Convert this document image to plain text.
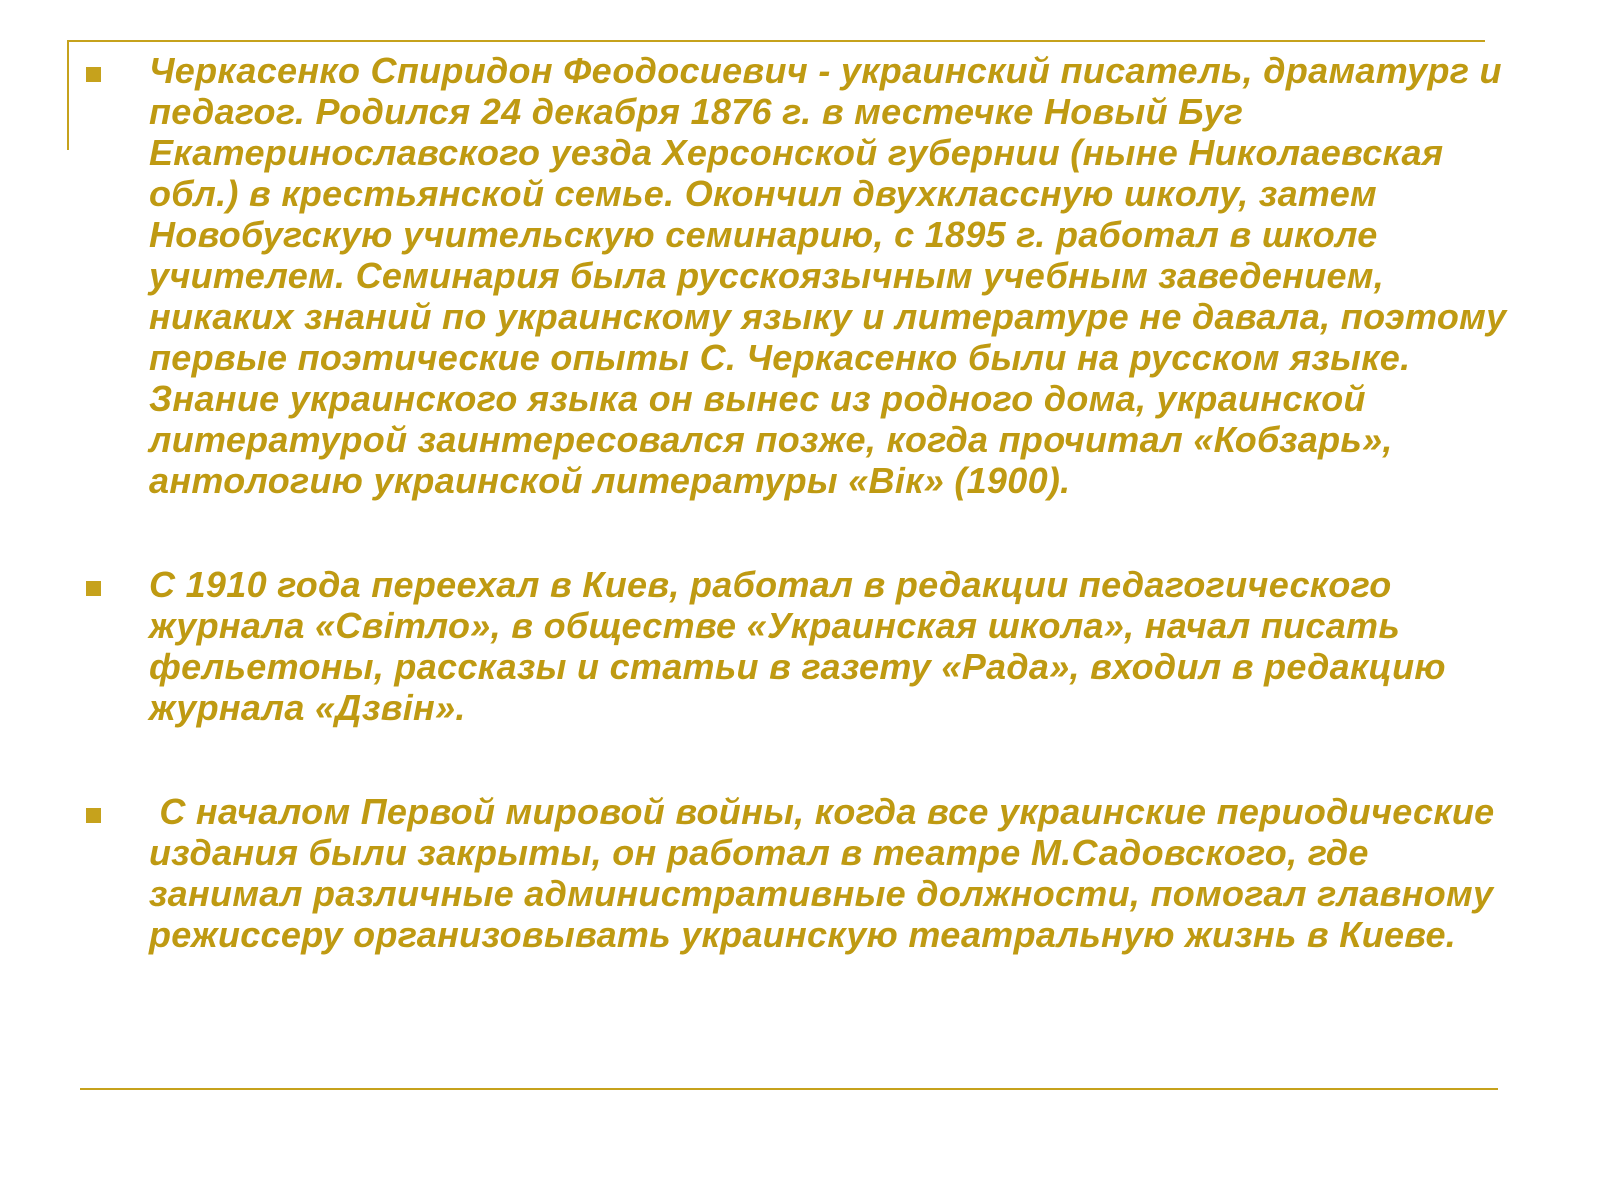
Черкасенко Спиридон Феодосиевич - украинский писатель, драматург и педагог. Родился 24 декабря 1876 г. в местечке Новый Буг Екатеринославского уезда Херсонской губернии (ныне Николаевская обл.) в крестьянской семье. Окончил двухклассную школу, затем Новобугскую учительскую семинарию, с 1895 г. работал в школе учителем. Семинария была русскоязычным учебным заведением, никаких знаний по украинскому языку и литературе не давала, поэтому первые поэтические опыты С. Черкасенко были на русском языке. Знание украинского языка он вынес из родного дома, украинской литературой заинтересовался позже, когда прочитал «Кобзарь», антологию украинской литературы «Вік» (1900).
С 1910 года переехал в Киев, работал в редакции педагогического журнала «Світло», в обществе «Украинская школа», начал писать фельетоны, рассказы и статьи в газету «Рада», входил в редакцию журнала «Дзвін».
С началом Первой мировой войны, когда все украинские периодические издания были закрыты, он работал в театре М.Садовского, где занимал различные административные должности, помогал главному режиссеру организовывать украинскую театральную жизнь в Киеве.
